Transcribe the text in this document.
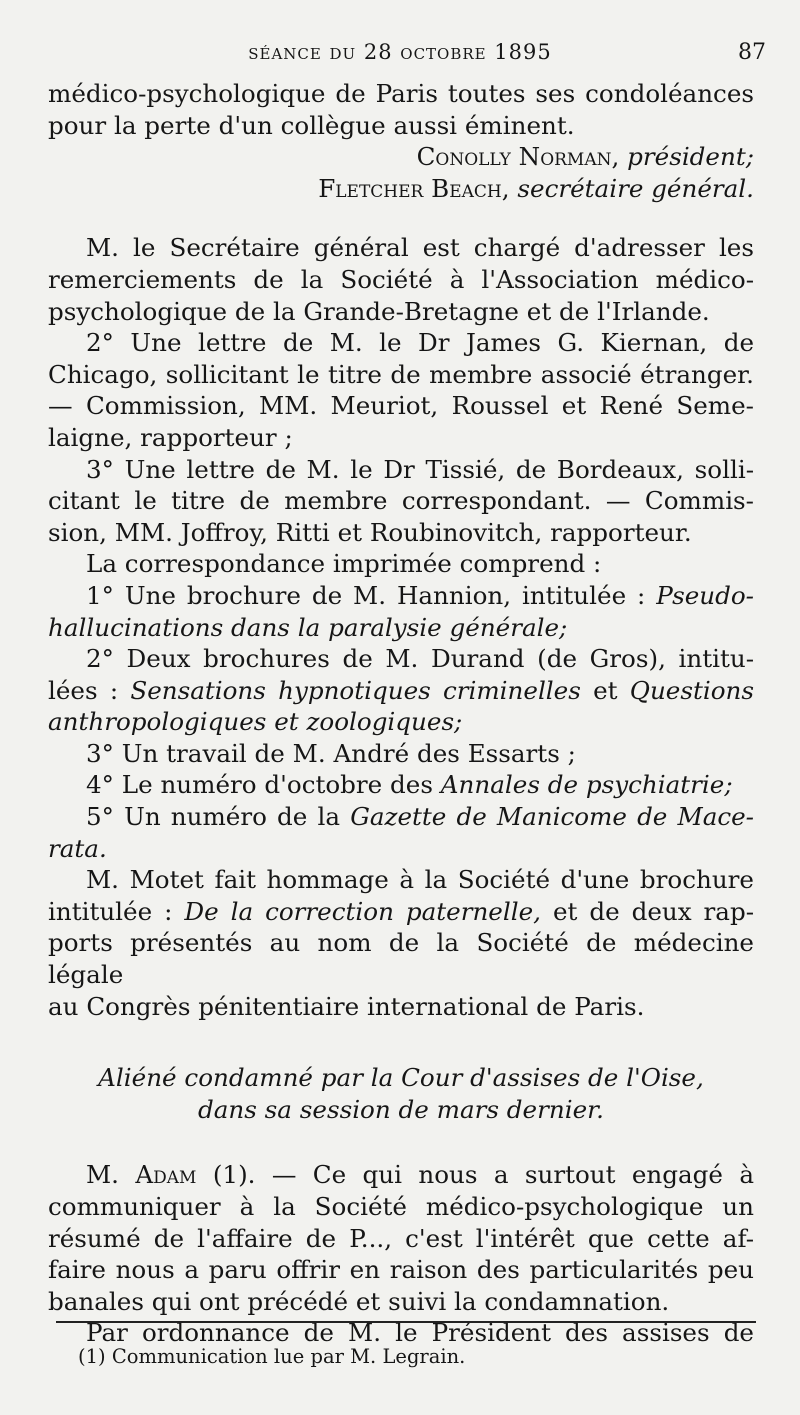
séance du 28 octobre 1895	87

médico-psychologique de Paris toutes ses condoléances

pour la perte d'un collègue aussi éminent.

Conolly Norman, président;

Fletcher Beach, secrétaire général.

M. le Secrétaire général est chargé d'adresser les

remerciements de la Société à l'Association médico-

psychologique de la Grande-Bretagne et de l'Irlande.

2° Une lettre de M. le Dr James G. Kiernan, de

Chicago, sollicitant le titre de membre associé étranger.

— Commission, MM. Meuriot, Roussel et René Seme-

laigne, rapporteur ;

3° Une lettre de M. le Dr Tissié, de Bordeaux, solli-

citant le titre de membre correspondant. — Commis-

sion, MM. Joffroy, Ritti et Roubinovitch, rapporteur.

La correspondance imprimée comprend :

1° Une brochure de M. Hannion, intitulée : Pseudo-

hallucinations dans la paralysie générale;

2° Deux brochures de M. Durand (de Gros), intitu-

lées : Sensations hypnotiques criminelles et Questions

anthropologiques et zoologiques;

3° Un travail de M. André des Essarts ;

4° Le numéro d'octobre des Annales de psychiatrie;

5° Un numéro de la Gazette de Manicome de Mace-

rata.

M. Motet fait hommage à la Société d'une brochure

intitulée : De la correction paternelle, et de deux rap-

ports présentés au nom de la Société de médecine légale

au Congrès pénitentiaire international de Paris.

Aliéné condamné par la Cour d'assises de l'Oise,

dans sa session de mars dernier.

M. Adam (1). — Ce qui nous a surtout engagé à

communiquer à la Société médico-psychologique un

résumé de l'affaire de P..., c'est l'intérêt que cette af-

faire nous a paru offrir en raison des particularités peu

banales qui ont précédé et suivi la condamnation.

Par ordonnance de M. le Président des assises de

(1) Communication lue par M. Legrain.
